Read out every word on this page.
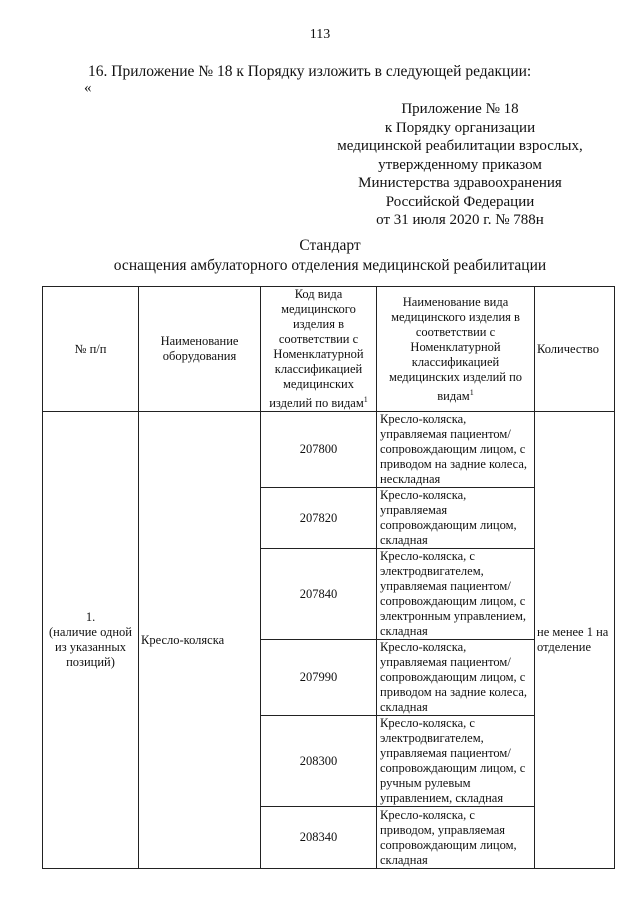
113
16. Приложение № 18 к Порядку изложить в следующей редакции:
«
Приложение № 18
к Порядку организации
медицинской реабилитации взрослых,
утвержденному приказом
Министерства здравоохранения
Российской Федерации
от 31 июля 2020 г. № 788н
Стандарт
оснащения амбулаторного отделения медицинской реабилитации
№ п/п	Наименование оборудования	Код вида медицинского изделия в соответствии с Номенклатурной классификацией медицинских изделий по видам$^1$	Наименование вида медицинского изделия в соответствии с Номенклатурной классификацией медицинских изделий по видам$^1$	Количество

1.
(наличие одной из указанных позиций)	Кресло-коляска	207800	Кресло-коляска, управляемая пациентом/ сопровождающим лицом, с приводом на задние колеса, нескладная	не менее 1 на отделение
		207820	Кресло-коляска, управляемая сопровождающим лицом, складная	
		207840	Кресло-коляска, с электродвигателем, управляемая пациентом/ сопровождающим лицом, с электронным управлением, складная	
		207990	Кресло-коляска, управляемая пациентом/ сопровождающим лицом, с приводом на задние колеса, складная	
		208300	Кресло-коляска, с электродвигателем, управляемая пациентом/ сопровождающим лицом, с ручным рулевым управлением, складная	
		208340	Кресло-коляска, с приводом, управляемая сопровождающим лицом, складная	
